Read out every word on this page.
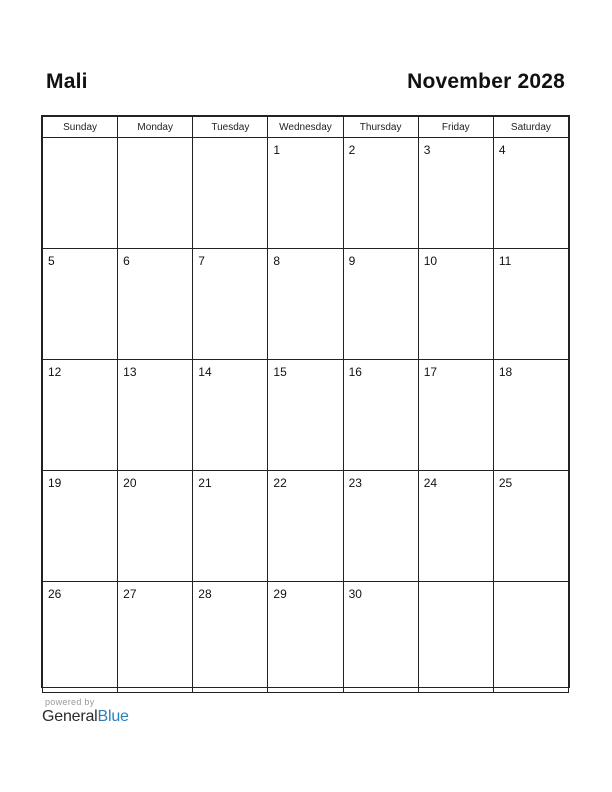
Mali	November 2028
Sunday	Monday	Tuesday	Wednesday	Thursday	Friday	Saturday

			1	2	3	4

5	6	7	8	9	10	11

12	13	14	15	16	17	18

19	20	21	22	23	24	25

26	27	28	29	30		

powered by
GeneralBlue
